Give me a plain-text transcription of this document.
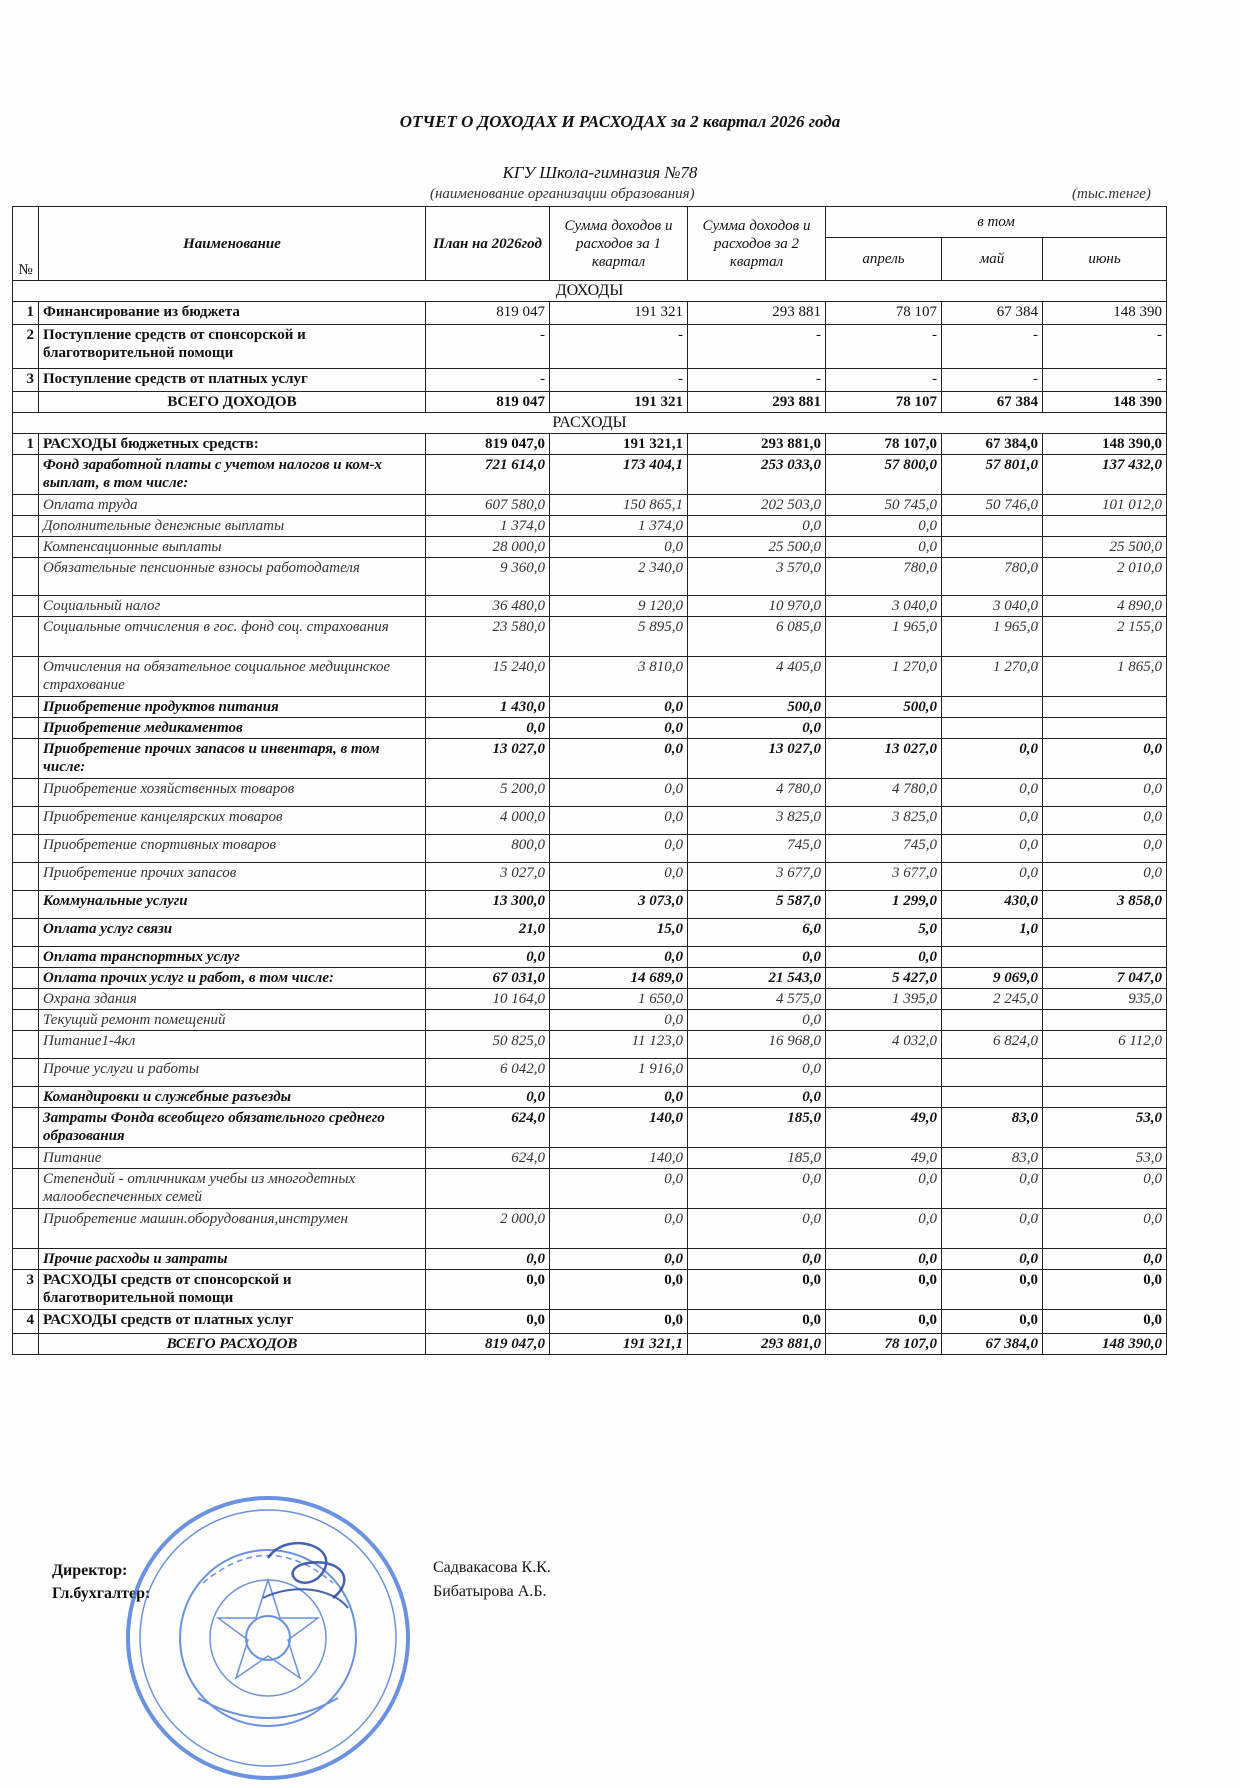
ОТЧЕТ О ДОХОДАХ И РАСХОДАХ за 2 квартал 2026 года
КГУ Школа-гимназия №78
(наименование организации образования)	(тыс.тенге)
№	Наименование	План на 2026год	Сумма доходов и расходов за 1 квартал	Сумма доходов и расходов за 2 квартал	в том		
					апрель	май	июнь
ДОХОДЫ							
1	Финансирование из бюджета	819 047	191 321	293 881	78 107	67 384	148 390
2	Поступление средств от спонсорской и благотворительной помощи	-	-	-	-	-	-
3	Поступление средств от платных услуг	-	-	-	-	-	-
	ВСЕГО ДОХОДОВ	819 047	191 321	293 881	78 107	67 384	148 390
РАСХОДЫ							
1	РАСХОДЫ бюджетных средств:	819 047,0	191 321,1	293 881,0	78 107,0	67 384,0	148 390,0
	Фонд заработной платы с учетом налогов и ком-х выплат, в том числе:	721 614,0	173 404,1	253 033,0	57 800,0	57 801,0	137 432,0
	Оплата труда	607 580,0	150 865,1	202 503,0	50 745,0	50 746,0	101 012,0
	Дополнительные денежные выплаты	1 374,0	1 374,0	0,0	0,0		
	Компенсационные выплаты	28 000,0	0,0	25 500,0	0,0		25 500,0
	Обязательные пенсионные взносы работодателя	9 360,0	2 340,0	3 570,0	780,0	780,0	2 010,0
	Социальный налог	36 480,0	9 120,0	10 970,0	3 040,0	3 040,0	4 890,0
	Социальные отчисления в гос. фонд соц. страхования	23 580,0	5 895,0	6 085,0	1 965,0	1 965,0	2 155,0
	Отчисления на обязательное социальное медицинское страхование	15 240,0	3 810,0	4 405,0	1 270,0	1 270,0	1 865,0
	Приобретение продуктов питания	1 430,0	0,0	500,0	500,0		
	Приобретение медикаментов	0,0	0,0	0,0			
	Приобретение прочих запасов и инвентаря, в том числе:	13 027,0	0,0	13 027,0	13 027,0	0,0	0,0
	Приобретение хозяйственных товаров	5 200,0	0,0	4 780,0	4 780,0	0,0	0,0
	Приобретение канцелярских товаров	4 000,0	0,0	3 825,0	3 825,0	0,0	0,0
	Приобретение спортивных товаров	800,0	0,0	745,0	745,0	0,0	0,0
	Приобретение прочих запасов	3 027,0	0,0	3 677,0	3 677,0	0,0	0,0
	Коммунальные услуги	13 300,0	3 073,0	5 587,0	1 299,0	430,0	3 858,0
	Оплата услуг связи	21,0	15,0	6,0	5,0	1,0	
	Оплата транспортных услуг	0,0	0,0	0,0	0,0		
	Оплата прочих услуг и работ, в том числе:	67 031,0	14 689,0	21 543,0	5 427,0	9 069,0	7 047,0
	Охрана здания	10 164,0	1 650,0	4 575,0	1 395,0	2 245,0	935,0
	Текущий ремонт помещений		0,0	0,0			
	Питание1-4кл	50 825,0	11 123,0	16 968,0	4 032,0	6 824,0	6 112,0
	Прочие услуги и работы	6 042,0	1 916,0	0,0			
	Командировки и служебные разъезды	0,0	0,0	0,0			
	Затраты Фонда всеобщего обязательного среднего образования	624,0	140,0	185,0	49,0	83,0	53,0
	Питание	624,0	140,0	185,0	49,0	83,0	53,0
	Степендий - отличникам учебы из многодетных малообеспеченных семей		0,0	0,0	0,0	0,0	0,0
	Приобретение машин.оборудования,инструмен	2 000,0	0,0	0,0	0,0	0,0	0,0
	Прочие расходы и затраты	0,0	0,0	0,0	0,0	0,0	0,0
3	РАСХОДЫ средств от спонсорской и благотворительной помощи	0,0	0,0	0,0	0,0	0,0	0,0
4	РАСХОДЫ средств от платных услуг	0,0	0,0	0,0	0,0	0,0	0,0
	ВСЕГО РАСХОДОВ	819 047,0	191 321,1	293 881,0	78 107,0	67 384,0	148 390,0
Директор:	Садвакасова К.К.
Гл.бухгалтер:	Бибатырова А.Б.
